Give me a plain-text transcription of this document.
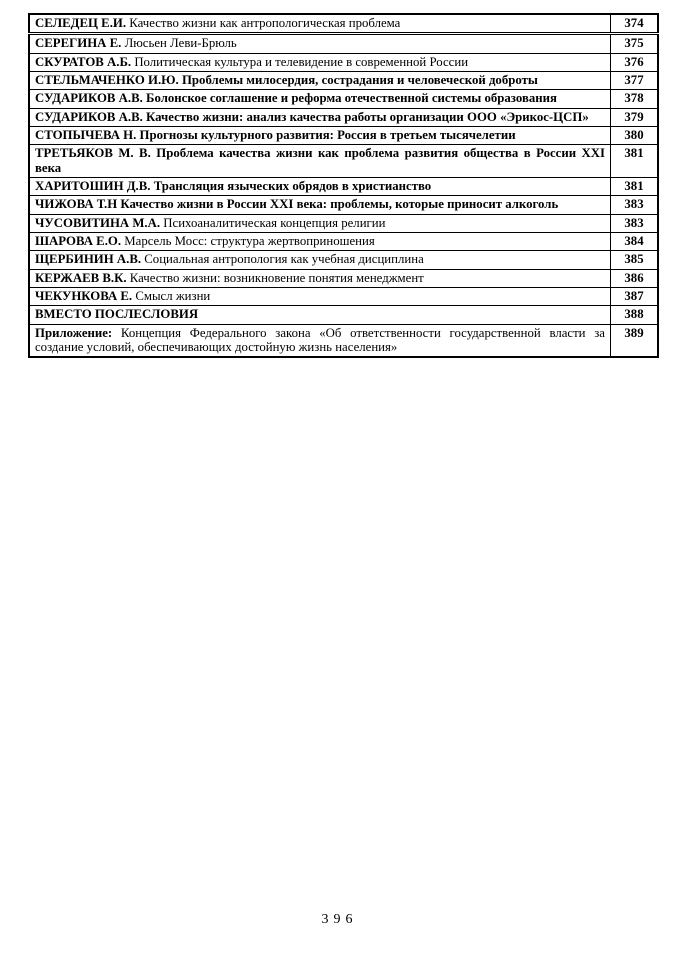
СЕЛЕДЕЦ Е.И. Качество жизни как антропологическая проблема	374
СЕРЕГИНА Е. Люсьен Леви-Брюль	375
СКУРАТОВ А.Б. Политическая культура и телевидение в современной России	376
СТЕЛЬМАЧЕНКО И.Ю. Проблемы милосердия, сострадания и человеческой доброты	377
СУДАРИКОВ А.В. Болонское соглашение и реформа отечественной системы образования	378
СУДАРИКОВ А.В. Качество жизни: анализ качества работы организации ООО «Эрикос-ЦСП»	379
СТОПЫЧЕВА Н. Прогнозы культурного развития: Россия в третьем тысячелетии	380
ТРЕТЬЯКОВ М. В. Проблема качества жизни как проблема развития общества в России XXI века	381
ХАРИТОШИН Д.В. Трансляция языческих обрядов в христианство	381
ЧИЖОВА Т.Н Качество жизни в России XXI века: проблемы, которые приносит алкоголь	383
ЧУСОВИТИНА М.А. Психоаналитическая концепция религии	383
ШАРОВА Е.О. Марсель Мосс: структура жертвоприношения	384
ЩЕРБИНИН А.В. Социальная антропология как учебная дисциплина	385
КЕРЖАЕВ В.К. Качество жизни: возникновение понятия менеджмент	386
ЧЕКУНКОВА Е. Смысл жизни	387
ВМЕСТО ПОСЛЕСЛОВИЯ	388
Приложение: Концепция Федерального закона «Об ответственности государственной власти за создание условий, обеспечивающих достойную жизнь населения»	389
396
